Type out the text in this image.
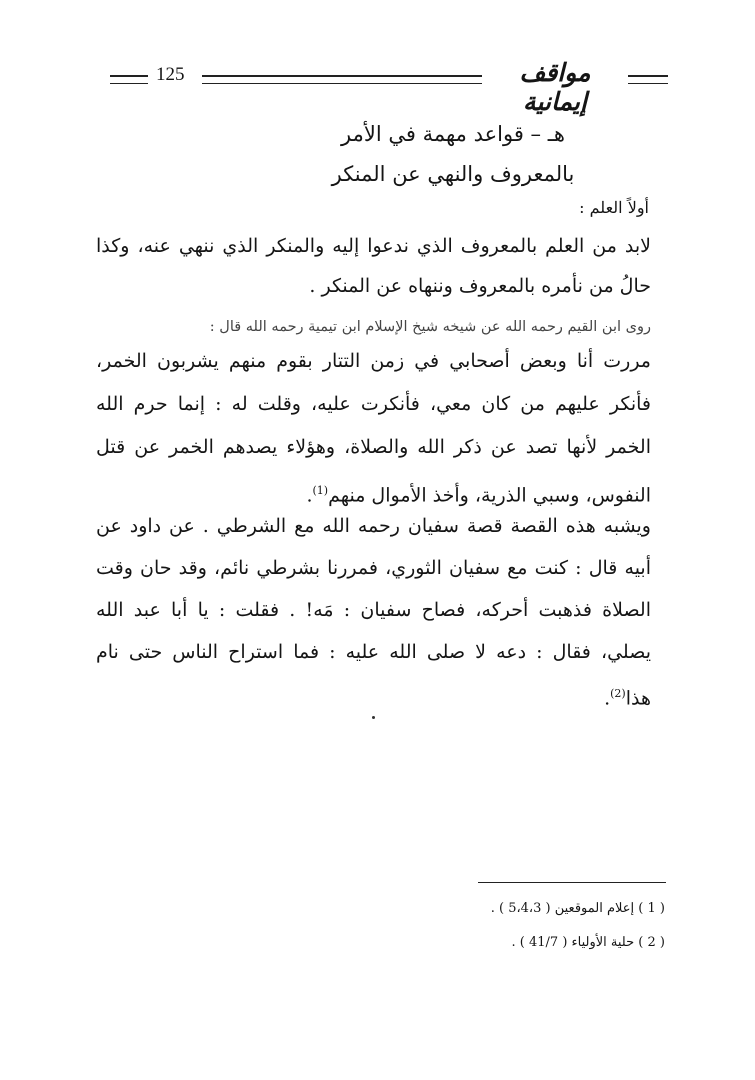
125	مواقف إيمانية
هـ – قواعد مهمة في الأمر
بالمعروف والنهي عن المنكر
أولاً العلم :

لابد من العلم بالمعروف الذي ندعوا إليه والمنكر الذي ننهي عنه، وكذا حالُ من نأمره بالمعروف وننهاه عن المنكر .

روى ابن القيم رحمه الله عن شيخه شيخ الإسلام ابن تيمية رحمه الله قال :

مررت أنا وبعض أصحابي في زمن التتار بقوم منهم يشربون الخمر، فأنكر عليهم من كان معي، فأنكرت عليه، وقلت له : إنما حرم الله الخمر لأنها تصد عن ذكر الله والصلاة، وهؤلاء يصدهم الخمر عن قتل النفوس، وسبي الذرية، وأخذ الأموال منهم$^{(1)}$.

ويشبه هذه القصة قصة سفيان رحمه الله مع الشرطي . عن داود عن أبيه قال : كنت مع سفيان الثوري، فمررنا بشرطي نائم، وقد حان وقت الصلاة فذهبت أحركه، فصاح سفيان : مَه! . فقلت : يا أبا عبد الله يصلي، فقال : دعه لا صلى الله عليه : فما استراح الناس حتى نام هذا$^{(2)}$.

( 1 ) إعلام الموقعين ( 5،4،3 ) .
( 2 ) حلية الأولياء ( 41/7 ) .
